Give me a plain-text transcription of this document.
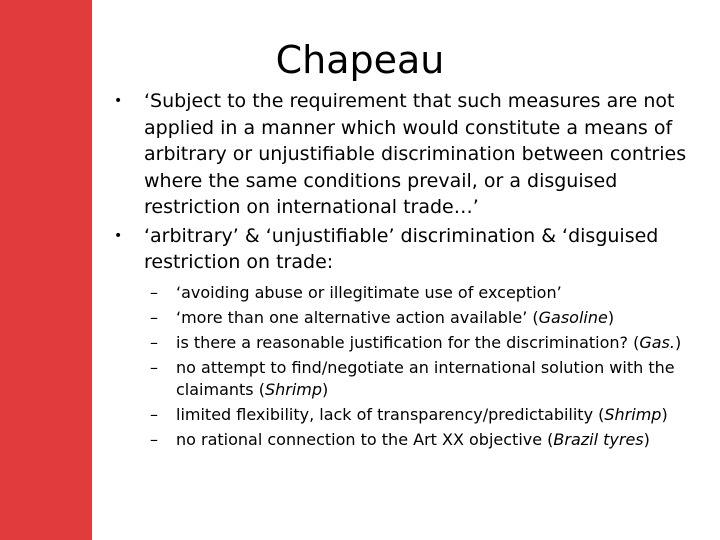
Chapeau
• ‘Subject to the requirement that such measures are not applied in a manner which would constitute a means of arbitrary or unjustifiable discrimination between contries where the same conditions prevail, or a disguised restriction on international trade…’
• ‘arbitrary’ & ‘unjustifiable’ discrimination & ‘disguised restriction on trade:
– ‘avoiding abuse or illegitimate use of exception’
– ‘more than one alternative action available’ (Gasoline)
– is there a reasonable justification for the discrimination? (Gas.)
– no attempt to find/negotiate an international solution with the claimants (Shrimp)
– limited flexibility, lack of transparency/predictability (Shrimp)
– no rational connection to the Art XX objective (Brazil tyres)
